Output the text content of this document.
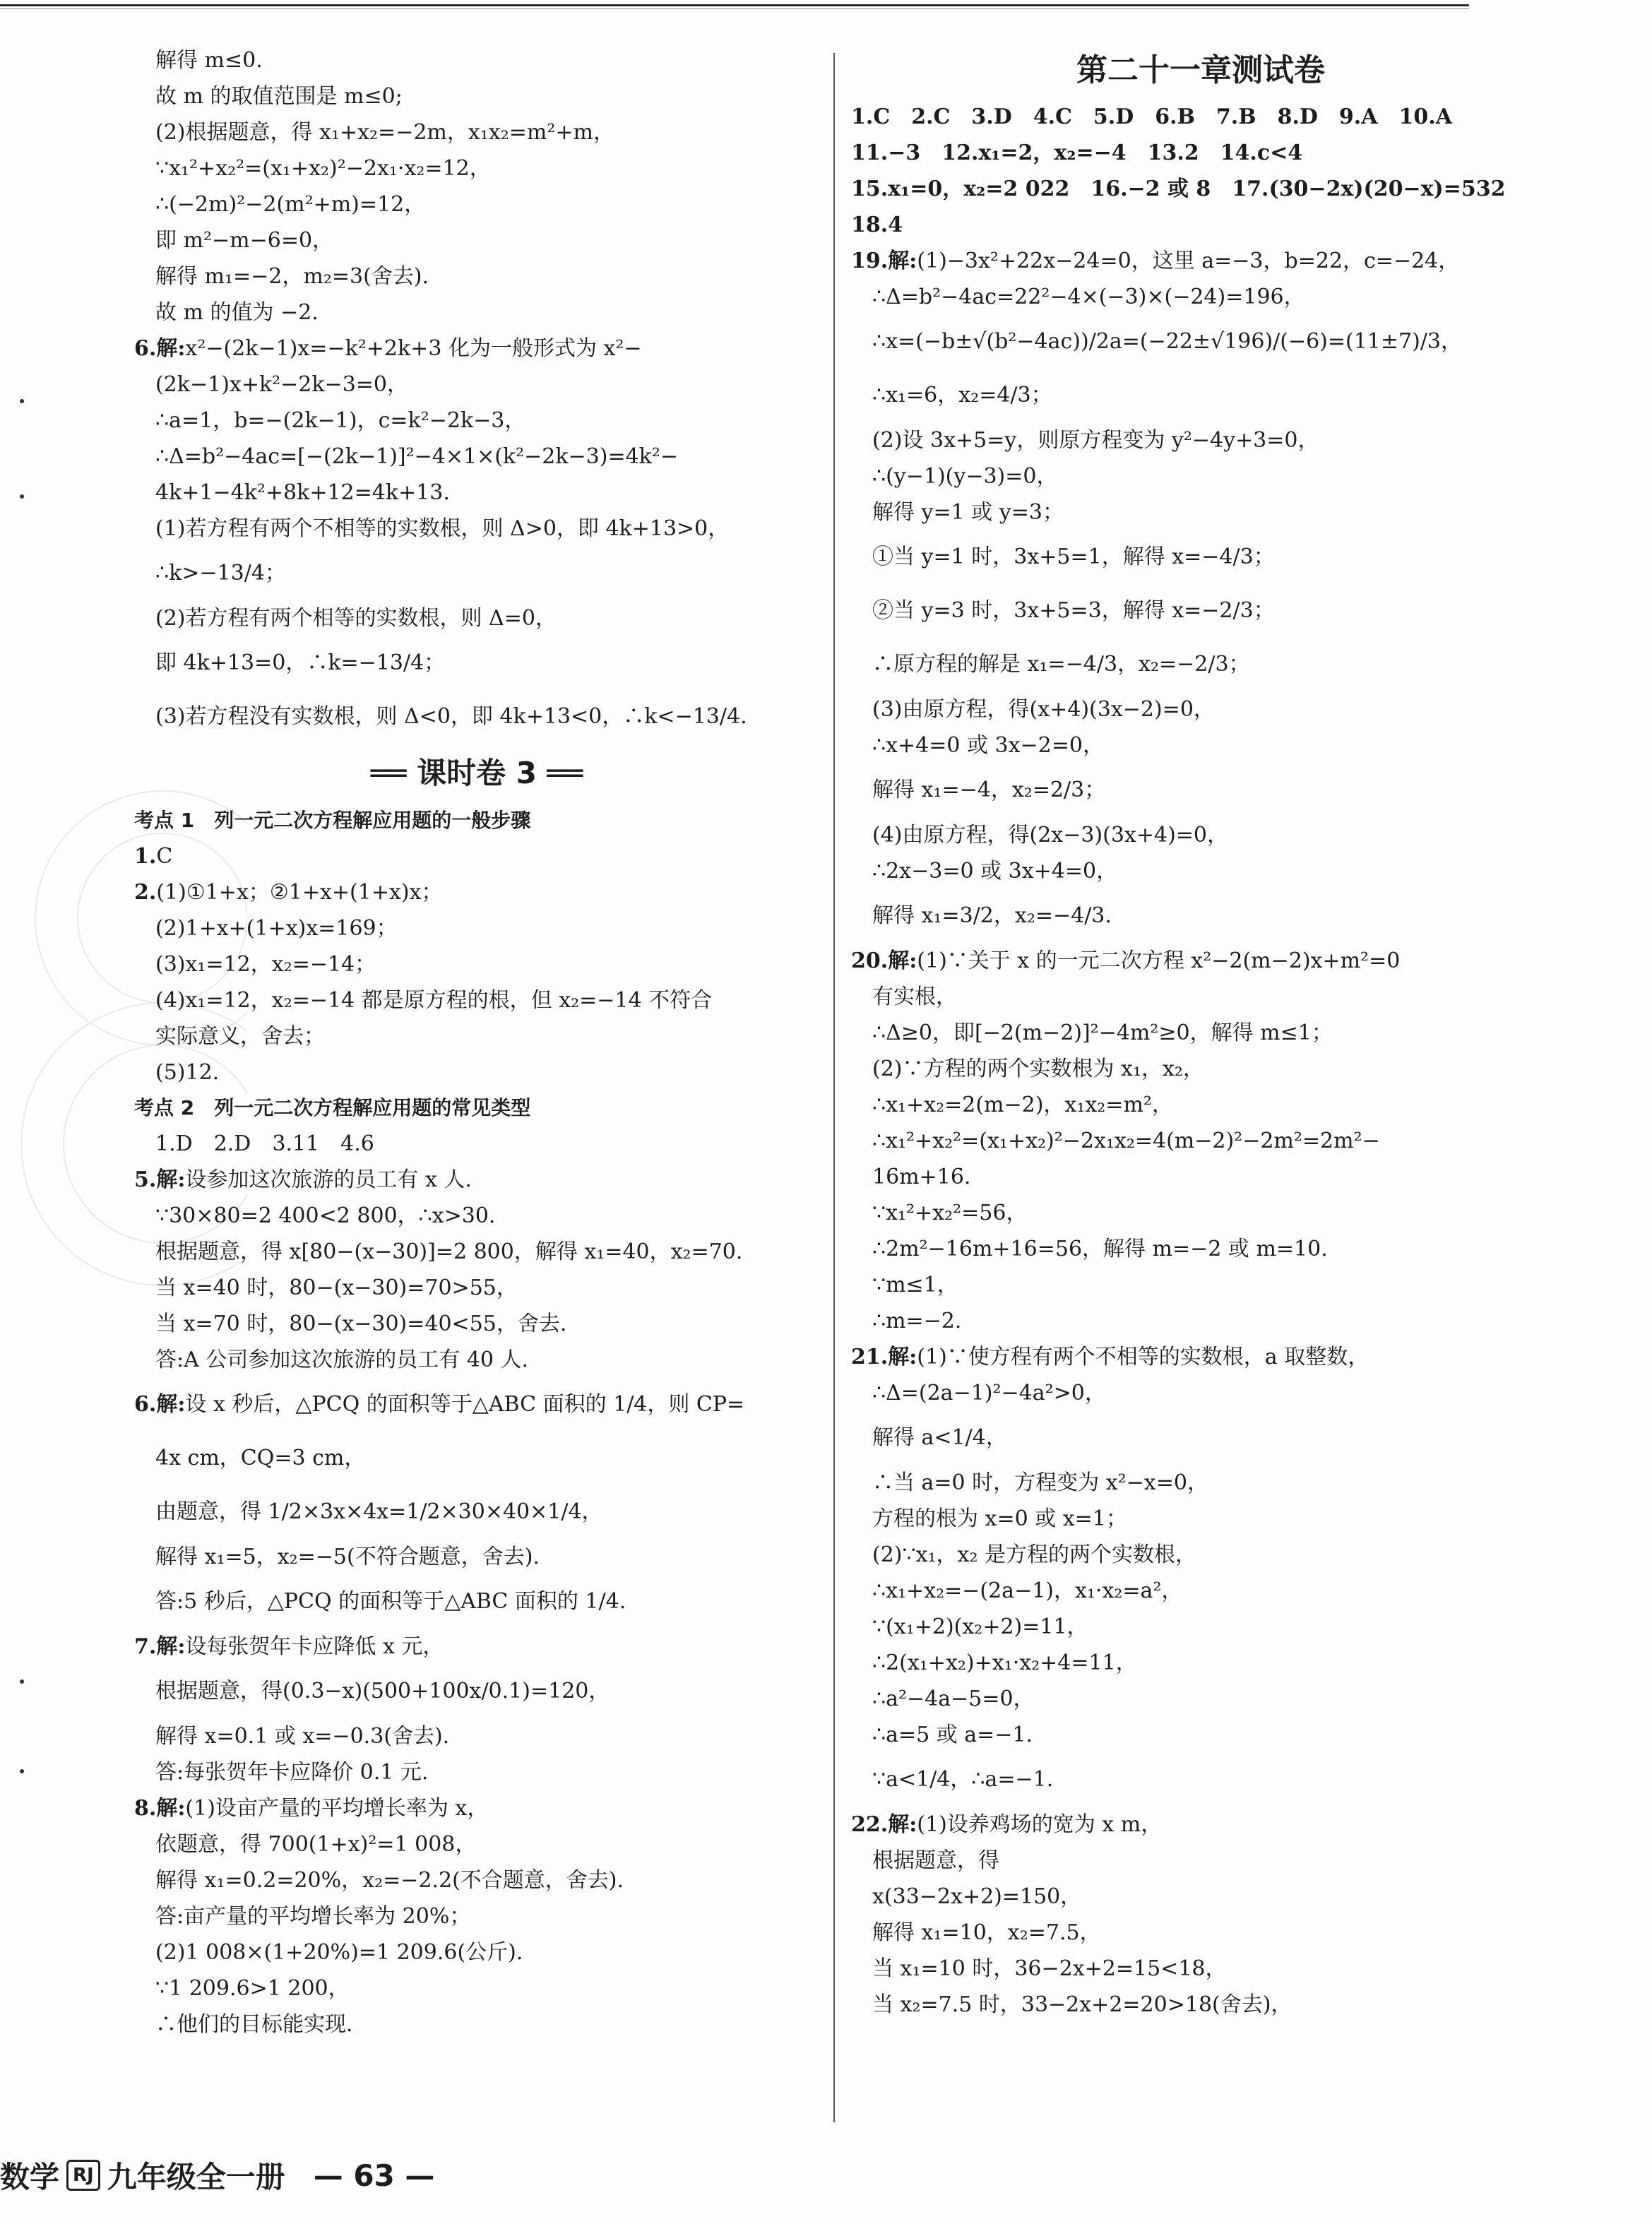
解得 m≤0.
故 m 的取值范围是 m≤0;
(2)根据题意，得 x₁+x₂=−2m，x₁x₂=m²+m，
∵x₁²+x₂²=(x₁+x₂)²−2x₁·x₂=12，
∴(−2m)²−2(m²+m)=12，
即 m²−m−6=0，
解得 m₁=−2，m₂=3(舍去).
故 m 的值为 −2.
6.解:x²−(2k−1)x=−k²+2k+3 化为一般形式为 x²−
(2k−1)x+k²−2k−3=0，
∴a=1，b=−(2k−1)，c=k²−2k−3，
∴Δ=b²−4ac=[−(2k−1)]²−4×1×(k²−2k−3)=4k²−
4k+1−4k²+8k+12=4k+13.
(1)若方程有两个不相等的实数根，则 Δ>0，即 4k+13>0，
∴k>−13/4；
(2)若方程有两个相等的实数根，则 Δ=0，
即 4k+13=0，∴k=−13/4；
(3)若方程没有实数根，则 Δ<0，即 4k+13<0，∴k<−13/4.
══ 课时卷 3 ══
考点 1　列一元二次方程解应用题的一般步骤
1.C
2.(1)①1+x；②1+x+(1+x)x；
(2)1+x+(1+x)x=169；
(3)x₁=12，x₂=−14；
(4)x₁=12，x₂=−14 都是原方程的根，但 x₂=−14 不符合
实际意义，舍去；
(5)12.
考点 2　列一元二次方程解应用题的常见类型
1.D　2.D　3.11　4.6
5.解:设参加这次旅游的员工有 x 人.
∵30×80=2 400<2 800，∴x>30.
根据题意，得 x[80−(x−30)]=2 800，解得 x₁=40，x₂=70.
当 x=40 时，80−(x−30)=70>55，
当 x=70 时，80−(x−30)=40<55，舍去.
答:A 公司参加这次旅游的员工有 40 人.
6.解:设 x 秒后，△PCQ 的面积等于△ABC 面积的 1/4，则 CP=
4x cm，CQ=3 cm，
由题意，得 1/2×3x×4x=1/2×30×40×1/4，
解得 x₁=5，x₂=−5(不符合题意，舍去).
答:5 秒后，△PCQ 的面积等于△ABC 面积的 1/4.
7.解:设每张贺年卡应降低 x 元，
根据题意，得(0.3−x)(500+100x/0.1)=120，
解得 x=0.1 或 x=−0.3(舍去).
答:每张贺年卡应降价 0.1 元.
8.解:(1)设亩产量的平均增长率为 x，
依题意，得 700(1+x)²=1 008，
解得 x₁=0.2=20%，x₂=−2.2(不合题意，舍去).
答:亩产量的平均增长率为 20%；
(2)1 008×(1+20%)=1 209.6(公斤).
∵1 209.6>1 200，
∴他们的目标能实现.
第二十一章测试卷
1.C　2.C　3.D　4.C　5.D　6.B　7.B　8.D　9.A　10.A
11.−3　12.x₁=2，x₂=−4　13.2　14.c<4
15.x₁=0，x₂=2 022　16.−2 或 8　17.(30−2x)(20−x)=532
18.4
19.解:(1)−3x²+22x−24=0，这里 a=−3，b=22，c=−24，
∴Δ=b²−4ac=22²−4×(−3)×(−24)=196，
∴x=(−b±√(b²−4ac))/2a=(−22±√196)/(−6)=(11±7)/3，
∴x₁=6，x₂=4/3；
(2)设 3x+5=y，则原方程变为 y²−4y+3=0，
∴(y−1)(y−3)=0，
解得 y=1 或 y=3；
①当 y=1 时，3x+5=1，解得 x=−4/3；
②当 y=3 时，3x+5=3，解得 x=−2/3；
∴原方程的解是 x₁=−4/3，x₂=−2/3；
(3)由原方程，得(x+4)(3x−2)=0，
∴x+4=0 或 3x−2=0，
解得 x₁=−4，x₂=2/3；
(4)由原方程，得(2x−3)(3x+4)=0，
∴2x−3=0 或 3x+4=0，
解得 x₁=3/2，x₂=−4/3.
20.解:(1)∵关于 x 的一元二次方程 x²−2(m−2)x+m²=0
有实根，
∴Δ≥0，即[−2(m−2)]²−4m²≥0，解得 m≤1；
(2)∵方程的两个实数根为 x₁，x₂，
∴x₁+x₂=2(m−2)，x₁x₂=m²，
∴x₁²+x₂²=(x₁+x₂)²−2x₁x₂=4(m−2)²−2m²=2m²−
16m+16.
∵x₁²+x₂²=56，
∴2m²−16m+16=56，解得 m=−2 或 m=10.
∵m≤1，
∴m=−2.
21.解:(1)∵使方程有两个不相等的实数根，a 取整数，
∴Δ=(2a−1)²−4a²>0，
解得 a<1/4，
∴当 a=0 时，方程变为 x²−x=0，
方程的根为 x=0 或 x=1；
(2)∵x₁，x₂ 是方程的两个实数根，
∴x₁+x₂=−(2a−1)，x₁·x₂=a²，
∵(x₁+2)(x₂+2)=11，
∴2(x₁+x₂)+x₁·x₂+4=11，
∴a²−4a−5=0，
∴a=5 或 a=−1.
∵a<1/4，∴a=−1.
22.解:(1)设养鸡场的宽为 x m，
根据题意，得
x(33−2x+2)=150，
解得 x₁=10，x₂=7.5，
当 x₁=10 时，36−2x+2=15<18，
当 x₂=7.5 时，33−2x+2=20>18(舍去)，
数学 RJ 九年级全一册 — 63 —
